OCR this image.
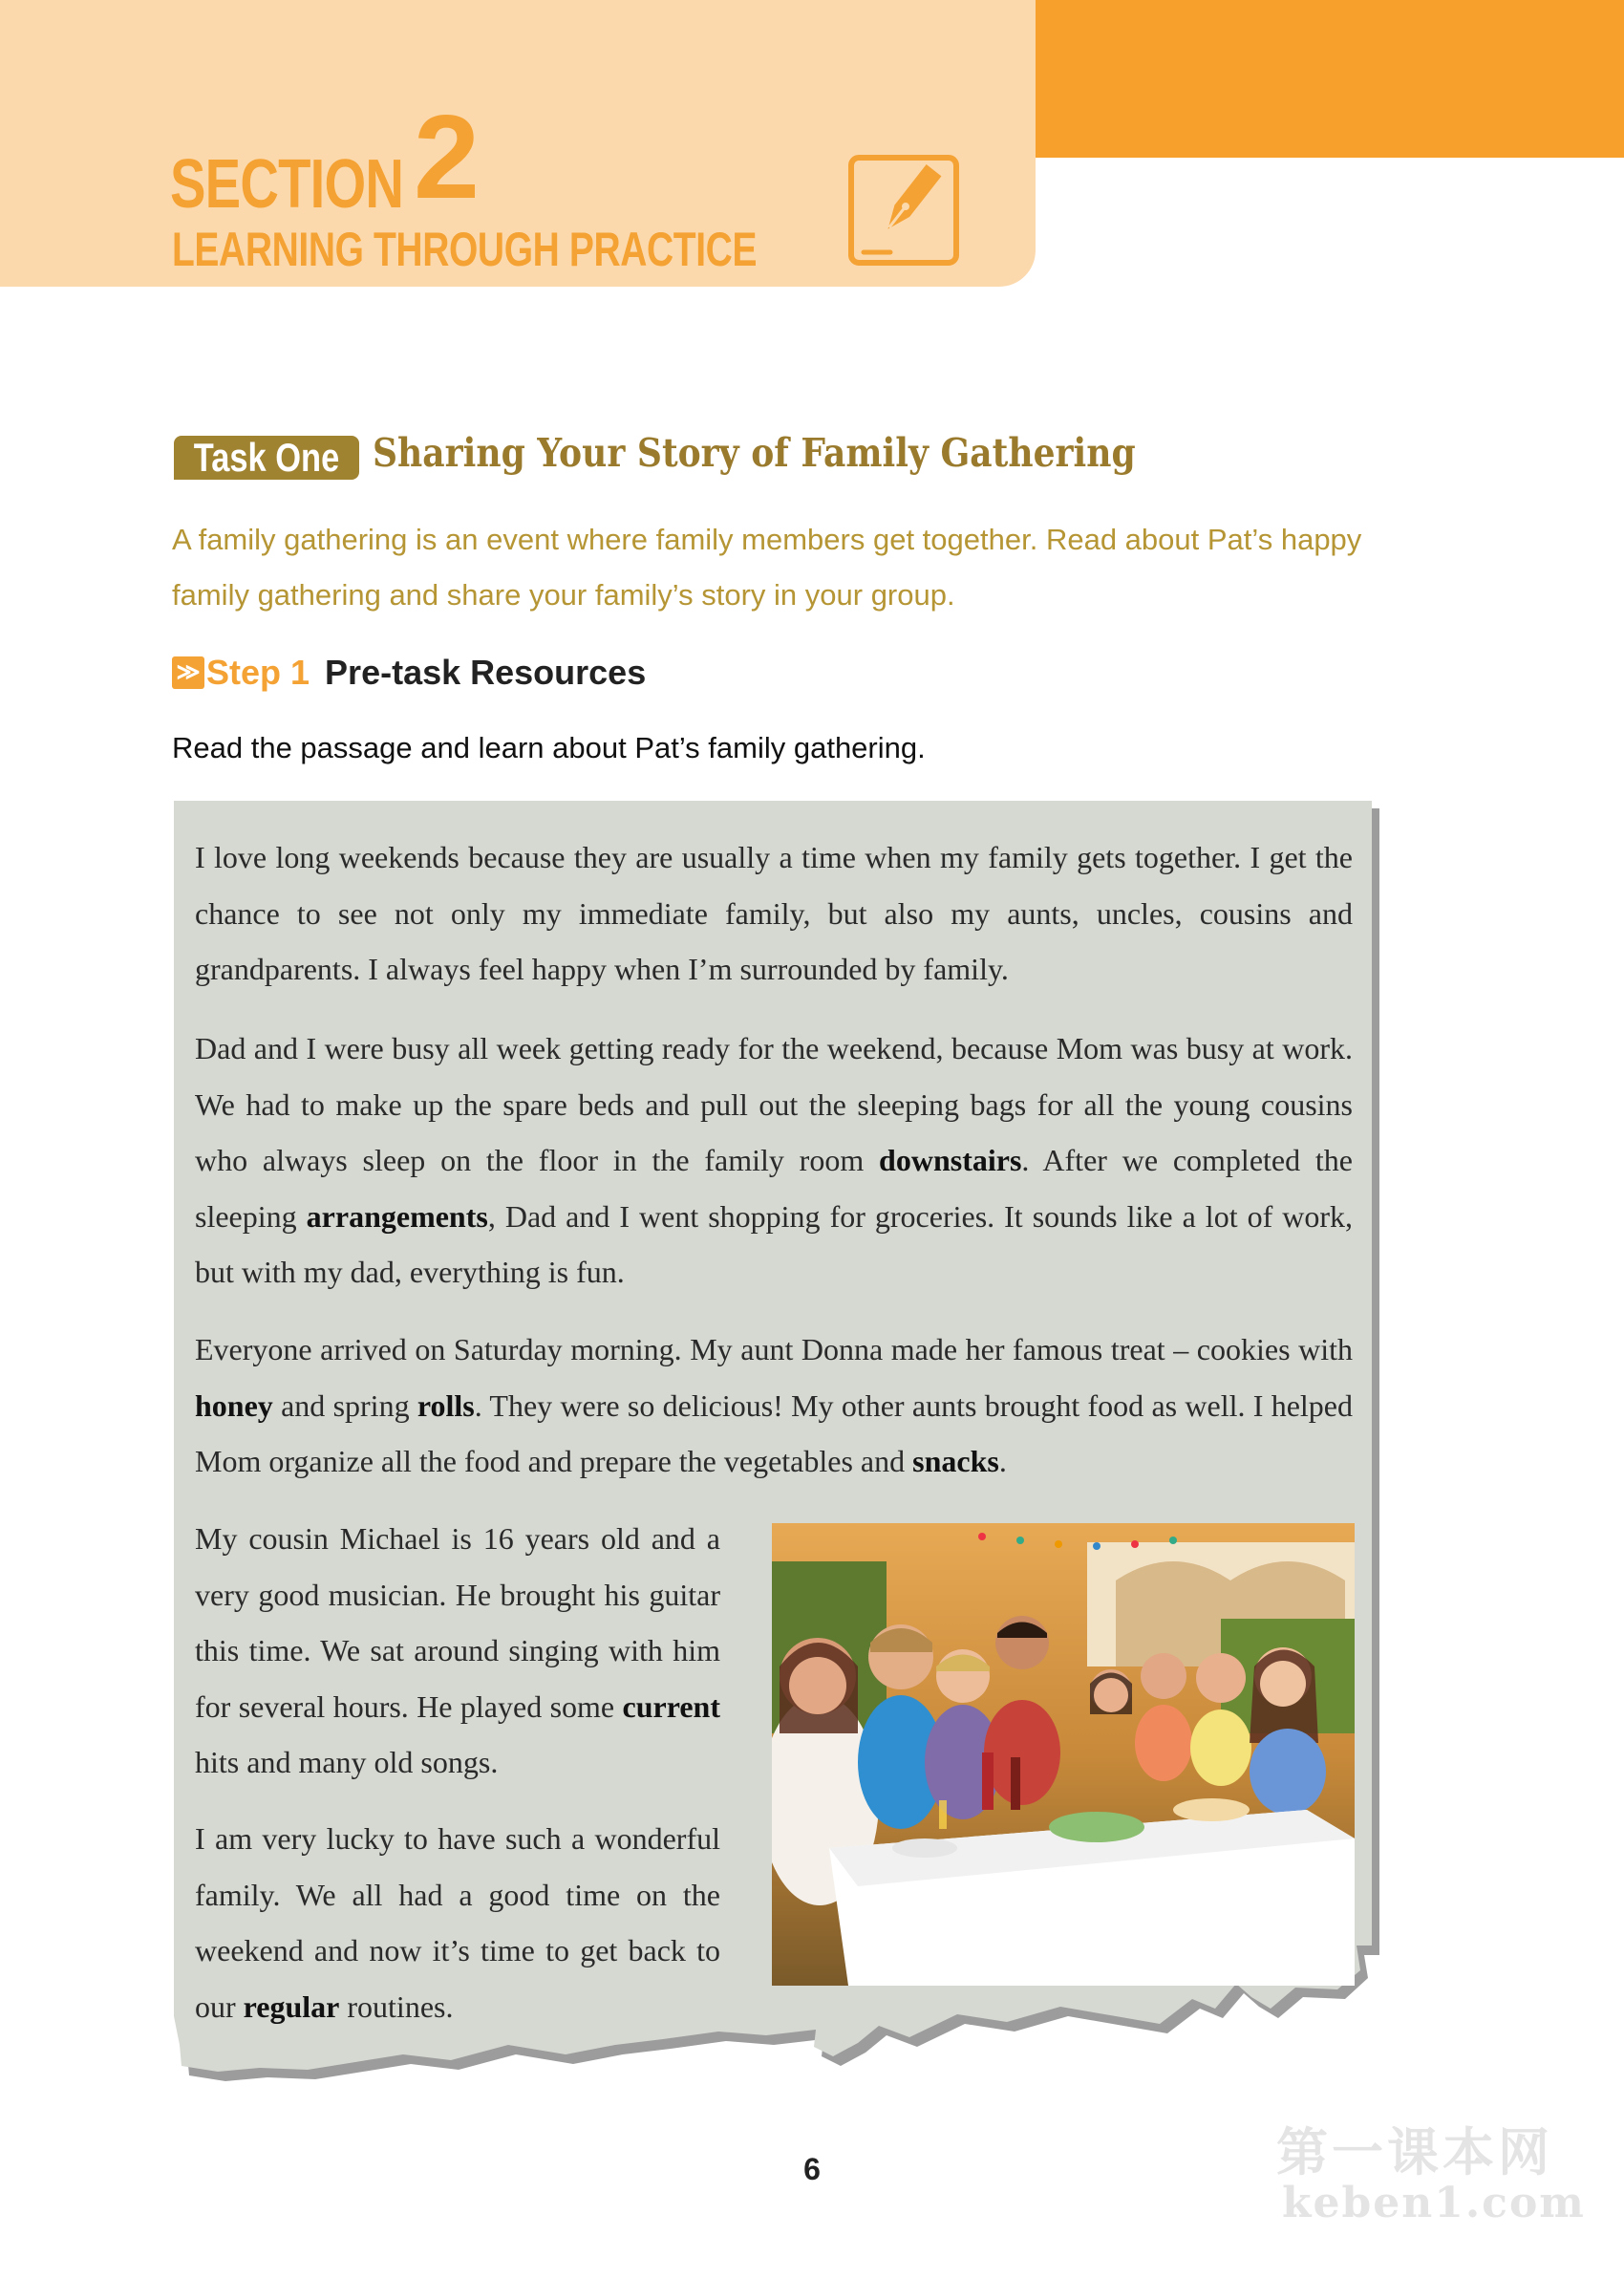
SECTION 2
LEARNING THROUGH PRACTICE
Task One Sharing Your Story of Family Gathering
A family gathering is an event where family members get together. Read about Pat’s happy family gathering and share your family’s story in your group.
≫ Step 1 Pre-task Resources
Read the passage and learn about Pat’s family gathering.

I love long weekends because they are usually a time when my family gets together. I get the chance to see not only my immediate family, but also my aunts, uncles, cousins and grandparents. I always feel happy when I’m surrounded by family.

Dad and I were busy all week getting ready for the weekend, because Mom was busy at work. We had to make up the spare beds and pull out the sleeping bags for all the young cousins who always sleep on the floor in the family room downstairs. After we completed the sleeping arrangements, Dad and I went shopping for groceries. It sounds like a lot of work, but with my dad, everything is fun.

Everyone arrived on Saturday morning. My aunt Donna made her famous treat – cookies with honey and spring rolls. They were so delicious! My other aunts brought food as well. I helped Mom organize all the food and prepare the vegetables and snacks.

My cousin Michael is 16 years old and a very good musician. He brought his guitar this time. We sat around singing with him for several hours. He played some current hits and many old songs.

I am very lucky to have such a wonderful family. We all had a good time on the weekend and now it’s time to get back to our regular routines.

6	第一课本网
keben1.com
